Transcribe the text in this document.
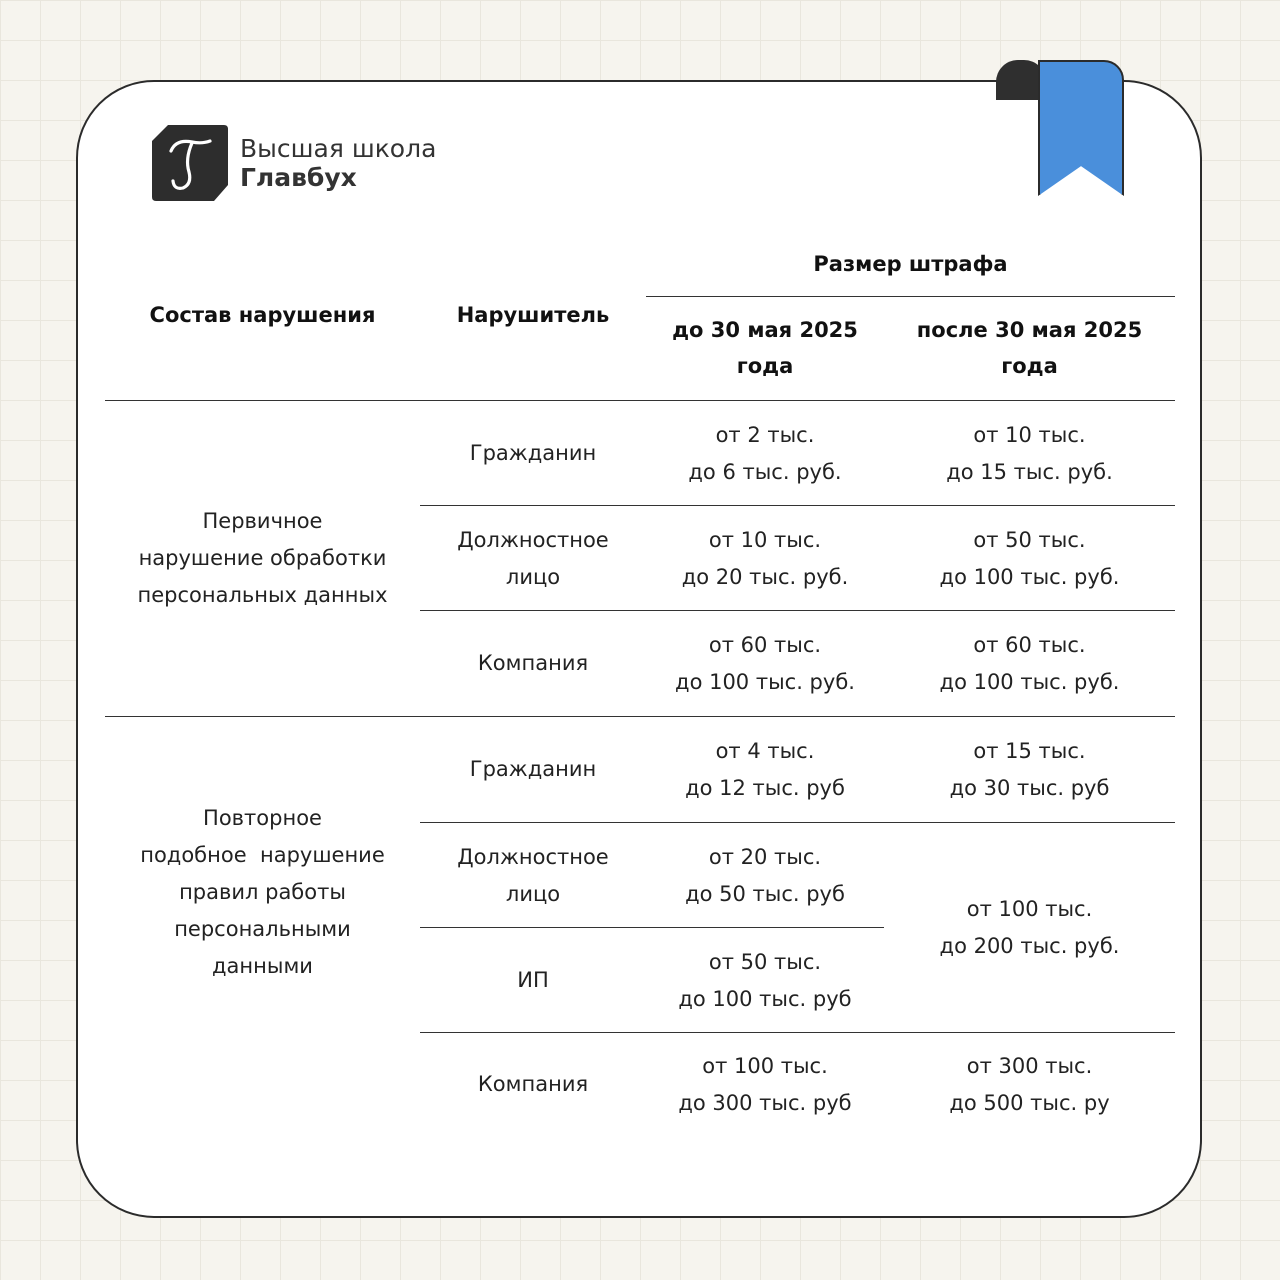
Высшая школа
Главбух
Состав нарушения	Нарушитель
Размер штрафа
до 30 мая 2025
года
после 30 мая 2025
года
Первичное
нарушение обработки
персональных данных
Гражданин
от 2 тыс.
до 6 тыс. руб.
от 10 тыс.
до 15 тыс. руб.
Должностное
лицо
от 10 тыс.
до 20 тыс. руб.
от 50 тыс.
до 100 тыс. руб.
Компания
от 60 тыс.
до 100 тыс. руб.
от 60 тыс.
до 100 тыс. руб.
Повторное
подобное  нарушение
правил работы
персональными
данными
Гражданин
от 4 тыс.
до 12 тыс. руб
от 15 тыс.
до 30 тыс. руб
Должностное
лицо
от 20 тыс.
до 50 тыс. руб
от 100 тыс.
до 200 тыс. руб.
ИП
от 50 тыс.
до 100 тыс. руб
Компания
от 100 тыс.
до 300 тыс. руб
от 300 тыс.
до 500 тыс. ру
